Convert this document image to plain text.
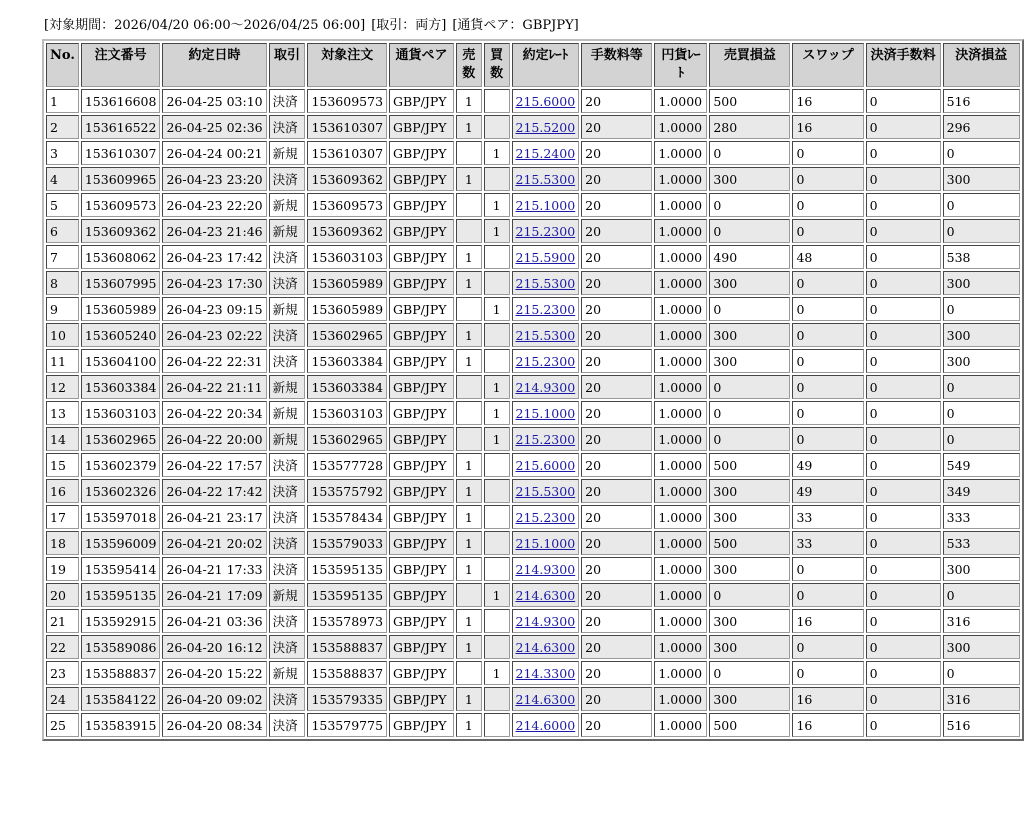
[対象期間：2026/04/20 06:00～2026/04/25 06:00] [取引：両方] [通貨ペア：GBPJPY]
No.	注文番号	約定日時	取引	対象注文	通貨ペア	売数	買数	約定ﾚｰﾄ	手数料等	円貨ﾚｰﾄ	売買損益	スワップ	決済手数料	決済損益
1	153616608	26-04-25 03:10	決済	153609573	GBP/JPY	1		215.6000	20	1.0000	500	16	0	516
2	153616522	26-04-25 02:36	決済	153610307	GBP/JPY	1		215.5200	20	1.0000	280	16	0	296
3	153610307	26-04-24 00:21	新規	153610307	GBP/JPY		1	215.2400	20	1.0000	0	0	0	0
4	153609965	26-04-23 23:20	決済	153609362	GBP/JPY	1		215.5300	20	1.0000	300	0	0	300
5	153609573	26-04-23 22:20	新規	153609573	GBP/JPY		1	215.1000	20	1.0000	0	0	0	0
6	153609362	26-04-23 21:46	新規	153609362	GBP/JPY		1	215.2300	20	1.0000	0	0	0	0
7	153608062	26-04-23 17:42	決済	153603103	GBP/JPY	1		215.5900	20	1.0000	490	48	0	538
8	153607995	26-04-23 17:30	決済	153605989	GBP/JPY	1		215.5300	20	1.0000	300	0	0	300
9	153605989	26-04-23 09:15	新規	153605989	GBP/JPY		1	215.2300	20	1.0000	0	0	0	0
10	153605240	26-04-23 02:22	決済	153602965	GBP/JPY	1		215.5300	20	1.0000	300	0	0	300
11	153604100	26-04-22 22:31	決済	153603384	GBP/JPY	1		215.2300	20	1.0000	300	0	0	300
12	153603384	26-04-22 21:11	新規	153603384	GBP/JPY		1	214.9300	20	1.0000	0	0	0	0
13	153603103	26-04-22 20:34	新規	153603103	GBP/JPY		1	215.1000	20	1.0000	0	0	0	0
14	153602965	26-04-22 20:00	新規	153602965	GBP/JPY		1	215.2300	20	1.0000	0	0	0	0
15	153602379	26-04-22 17:57	決済	153577728	GBP/JPY	1		215.6000	20	1.0000	500	49	0	549
16	153602326	26-04-22 17:42	決済	153575792	GBP/JPY	1		215.5300	20	1.0000	300	49	0	349
17	153597018	26-04-21 23:17	決済	153578434	GBP/JPY	1		215.2300	20	1.0000	300	33	0	333
18	153596009	26-04-21 20:02	決済	153579033	GBP/JPY	1		215.1000	20	1.0000	500	33	0	533
19	153595414	26-04-21 17:33	決済	153595135	GBP/JPY	1		214.9300	20	1.0000	300	0	0	300
20	153595135	26-04-21 17:09	新規	153595135	GBP/JPY		1	214.6300	20	1.0000	0	0	0	0
21	153592915	26-04-21 03:36	決済	153578973	GBP/JPY	1		214.9300	20	1.0000	300	16	0	316
22	153589086	26-04-20 16:12	決済	153588837	GBP/JPY	1		214.6300	20	1.0000	300	0	0	300
23	153588837	26-04-20 15:22	新規	153588837	GBP/JPY		1	214.3300	20	1.0000	0	0	0	0
24	153584122	26-04-20 09:02	決済	153579335	GBP/JPY	1		214.6300	20	1.0000	300	16	0	316
25	153583915	26-04-20 08:34	決済	153579775	GBP/JPY	1		214.6000	20	1.0000	500	16	0	516
